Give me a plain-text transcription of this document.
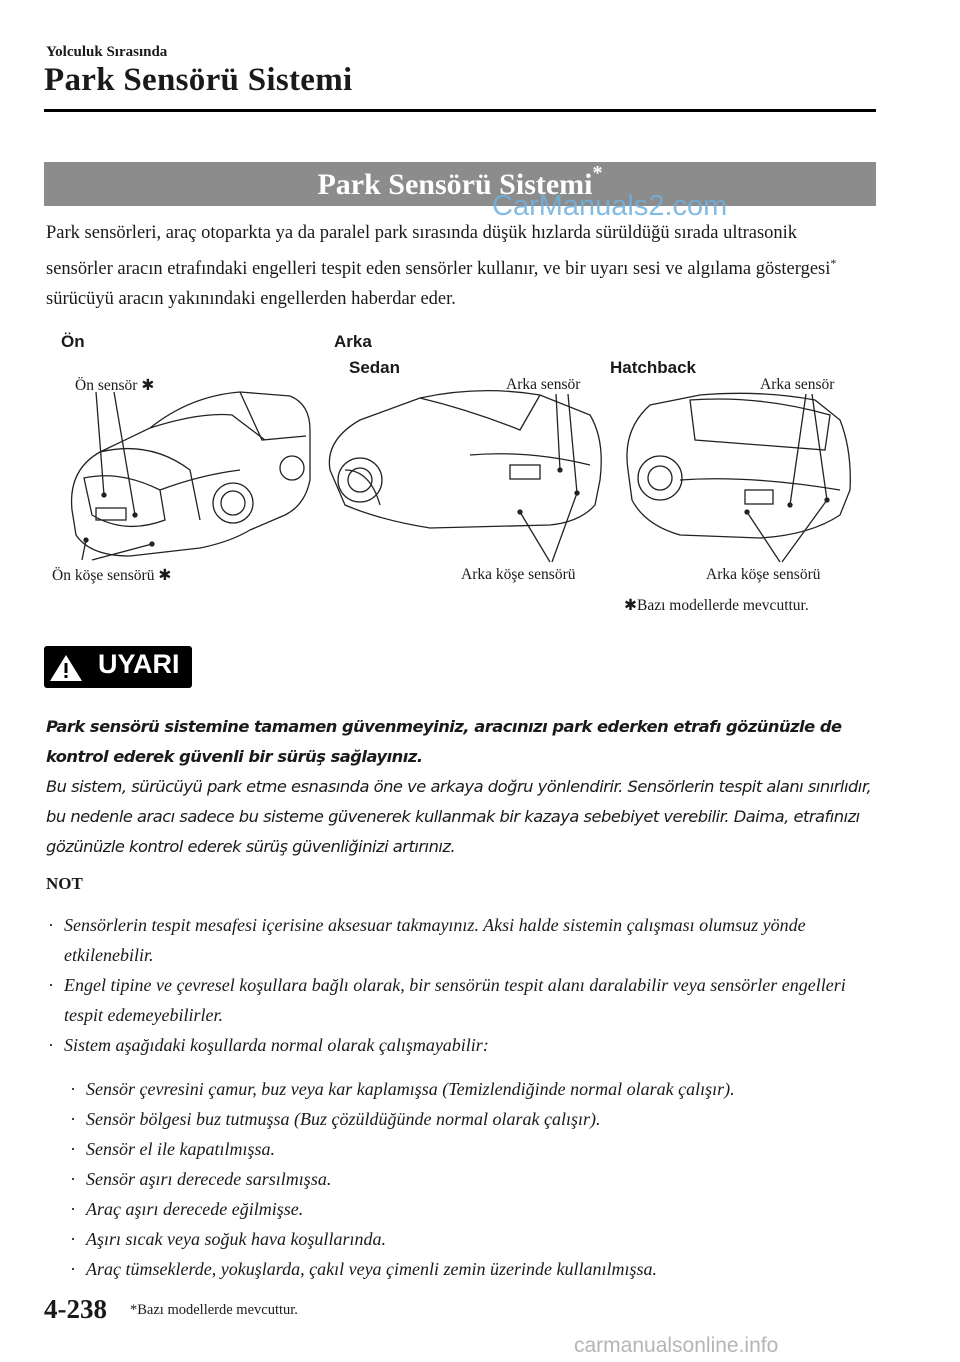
Yolculuk Sırasında
Park Sensörü Sistemi
Park Sensörü Sistemi*
CarManuals2.com
Park sensörleri, araç otoparkta ya da paralel park sırasında düşük hızlarda sürüldüğü sırada ultrasonik sensörler aracın etrafındaki engelleri tespit eden sensörler kullanır, ve bir uyarı sesi ve algılama göstergesi* sürücüyü aracın yakınındaki engellerden haberdar eder.
Ön	Arka
Sedan	Hatchback
Ön sensör ✱
Ön köşe sensörü ✱
Arka sensör
Arka köşe sensörü
Arka sensör
Arka köşe sensörü
✱Bazı modellerde mevcuttur.
UYARI
Park sensörü sistemine tamamen güvenmeyiniz, aracınızı park ederken etrafı gözünüzle de kontrol ederek güvenli bir sürüş sağlayınız.
Bu sistem, sürücüyü park etme esnasında öne ve arkaya doğru yönlendirir. Sensörlerin tespit alanı sınırlıdır, bu nedenle aracı sadece bu sisteme güvenerek kullanmak bir kazaya sebebiyet verebilir. Daima, etrafınızı gözünüzle kontrol ederek sürüş güvenliğinizi artırınız.
NOT
· Sensörlerin tespit mesafesi içerisine aksesuar takmayınız. Aksi halde sistemin çalışması olumsuz yönde etkilenebilir.
· Engel tipine ve çevresel koşullara bağlı olarak, bir sensörün tespit alanı daralabilir veya sensörler engelleri tespit edemeyebilirler.
· Sistem aşağıdaki koşullarda normal olarak çalışmayabilir:
· Sensör çevresini çamur, buz veya kar kaplamışsa (Temizlendiğinde normal olarak çalışır).
· Sensör bölgesi buz tutmuşsa (Buz çözüldüğünde normal olarak çalışır).
· Sensör el ile kapatılmışsa.
· Sensör aşırı derecede sarsılmışsa.
· Araç aşırı derecede eğilmişse.
· Aşırı sıcak veya soğuk hava koşullarında.
· Araç tümseklerde, yokuşlarda, çakıl veya çimenli zemin üzerinde kullanılmışsa.
4-238 *Bazı modellerde mevcuttur.
carmanualsonline.info
